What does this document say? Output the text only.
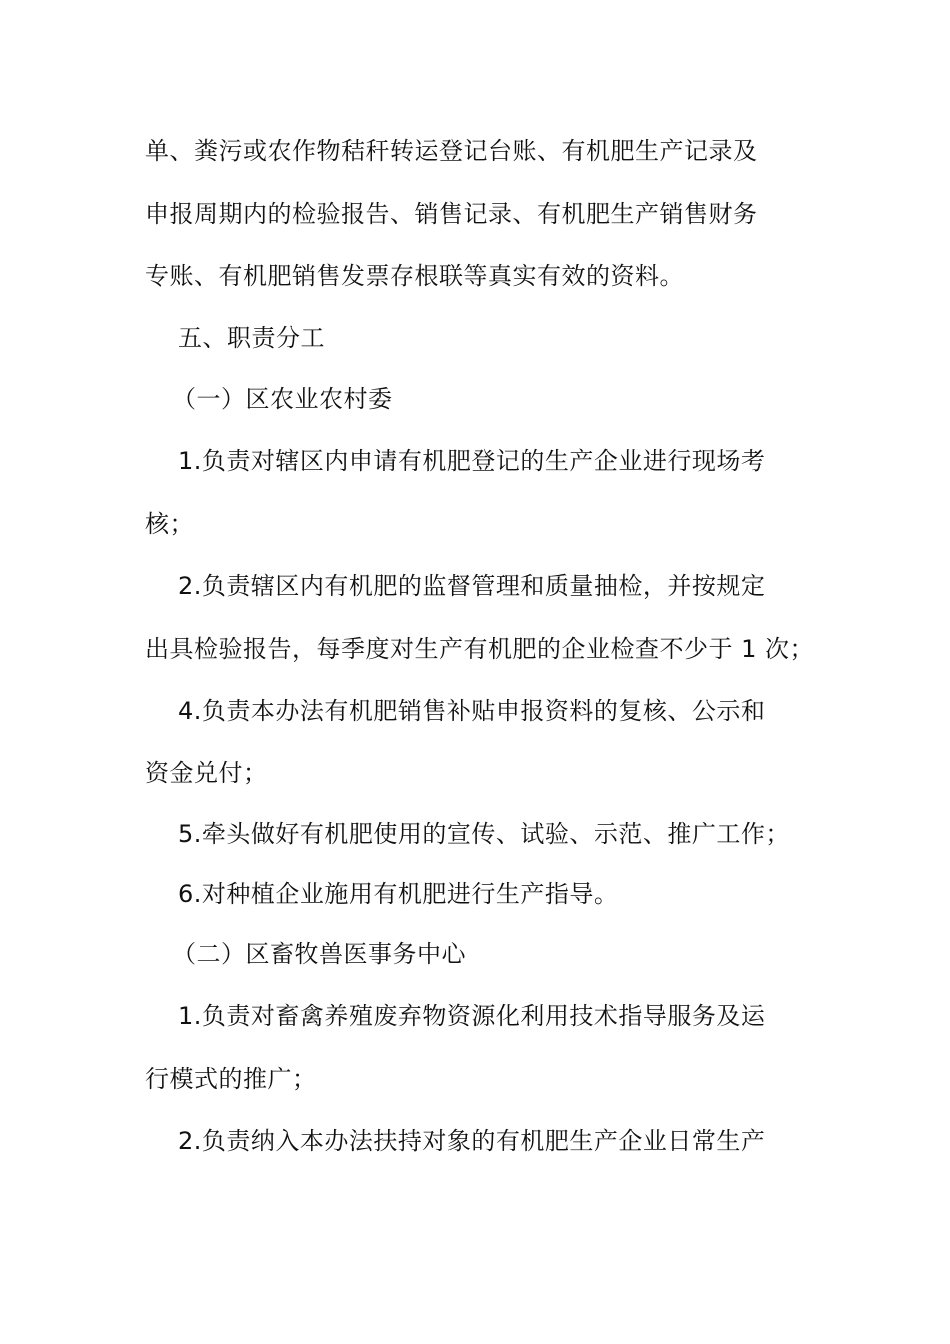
单、粪污或农作物秸秆转运登记台账、有机肥生产记录及
申报周期内的检验报告、销售记录、有机肥生产销售财务
专账、有机肥销售发票存根联等真实有效的资料。
五、职责分工
（一）区农业农村委
1.负责对辖区内申请有机肥登记的生产企业进行现场考
核；
2.负责辖区内有机肥的监督管理和质量抽检，并按规定
出具检验报告，每季度对生产有机肥的企业检查不少于 1 次；
4.负责本办法有机肥销售补贴申报资料的复核、公示和
资金兑付；
5.牵头做好有机肥使用的宣传、试验、示范、推广工作；
6.对种植企业施用有机肥进行生产指导。
（二）区畜牧兽医事务中心
1.负责对畜禽养殖废弃物资源化利用技术指导服务及运
行模式的推广；
2.负责纳入本办法扶持对象的有机肥生产企业日常生产
